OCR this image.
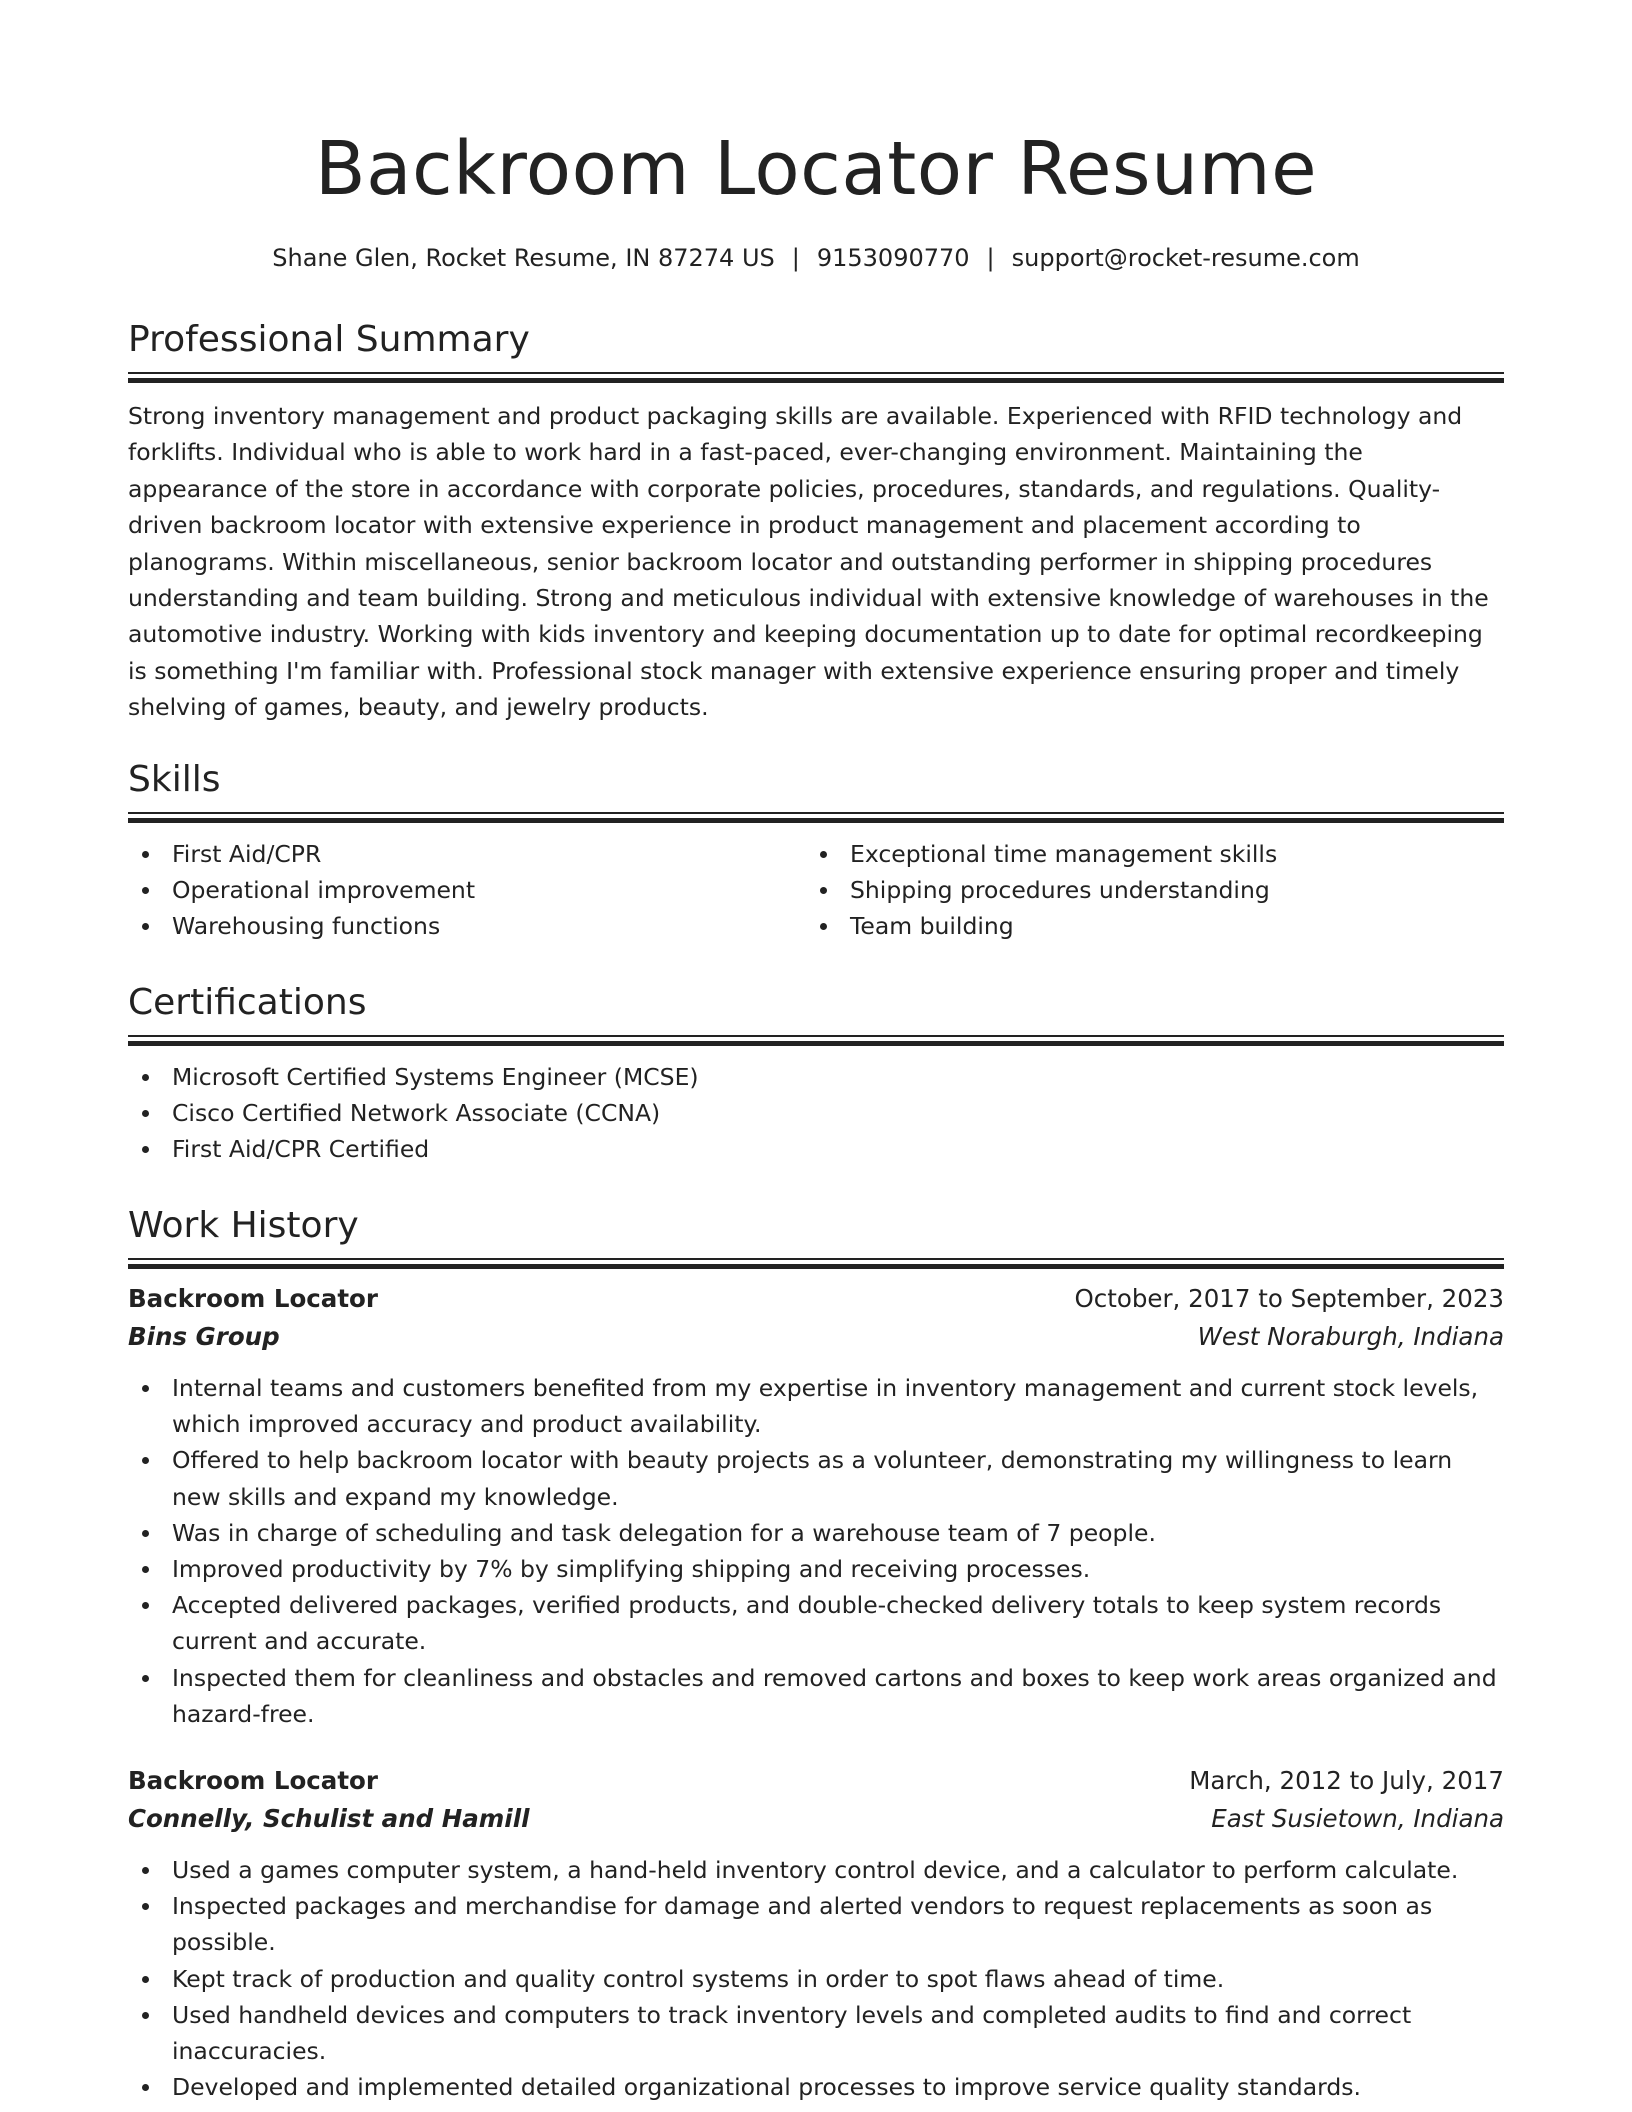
Backroom Locator Resume
Shane Glen, Rocket Resume, IN 87274 US | 9153090770 | support@rocket-resume.com
Professional Summary
Strong inventory management and product packaging skills are available. Experienced with RFID technology and forklifts. Individual who is able to work hard in a fast-paced, ever-changing environment. Maintaining the appearance of the store in accordance with corporate policies, procedures, standards, and regulations. Quality-driven backroom locator with extensive experience in product management and placement according to planograms. Within miscellaneous, senior backroom locator and outstanding performer in shipping procedures understanding and team building. Strong and meticulous individual with extensive knowledge of warehouses in the automotive industry. Working with kids inventory and keeping documentation up to date for optimal recordkeeping is something I'm familiar with. Professional stock manager with extensive experience ensuring proper and timely shelving of games, beauty, and jewelry products.
Skills
First Aid/CPR
Operational improvement
Warehousing functions
Exceptional time management skills
Shipping procedures understanding
Team building
Certifications
Microsoft Certified Systems Engineer (MCSE)
Cisco Certified Network Associate (CCNA)
First Aid/CPR Certified
Work History
Backroom Locator	October, 2017 to September, 2023
Bins Group	West Noraburgh, Indiana
Internal teams and customers benefited from my expertise in inventory management and current stock levels, which improved accuracy and product availability.
Offered to help backroom locator with beauty projects as a volunteer, demonstrating my willingness to learn new skills and expand my knowledge.
Was in charge of scheduling and task delegation for a warehouse team of 7 people.
Improved productivity by 7% by simplifying shipping and receiving processes.
Accepted delivered packages, verified products, and double-checked delivery totals to keep system records current and accurate.
Inspected them for cleanliness and obstacles and removed cartons and boxes to keep work areas organized and hazard-free.
Backroom Locator	March, 2012 to July, 2017
Connelly, Schulist and Hamill	East Susietown, Indiana
Used a games computer system, a hand-held inventory control device, and a calculator to perform calculate.
Inspected packages and merchandise for damage and alerted vendors to request replacements as soon as possible.
Kept track of production and quality control systems in order to spot flaws ahead of time.
Used handheld devices and computers to track inventory levels and completed audits to find and correct inaccuracies.
Developed and implemented detailed organizational processes to improve service quality standards.
